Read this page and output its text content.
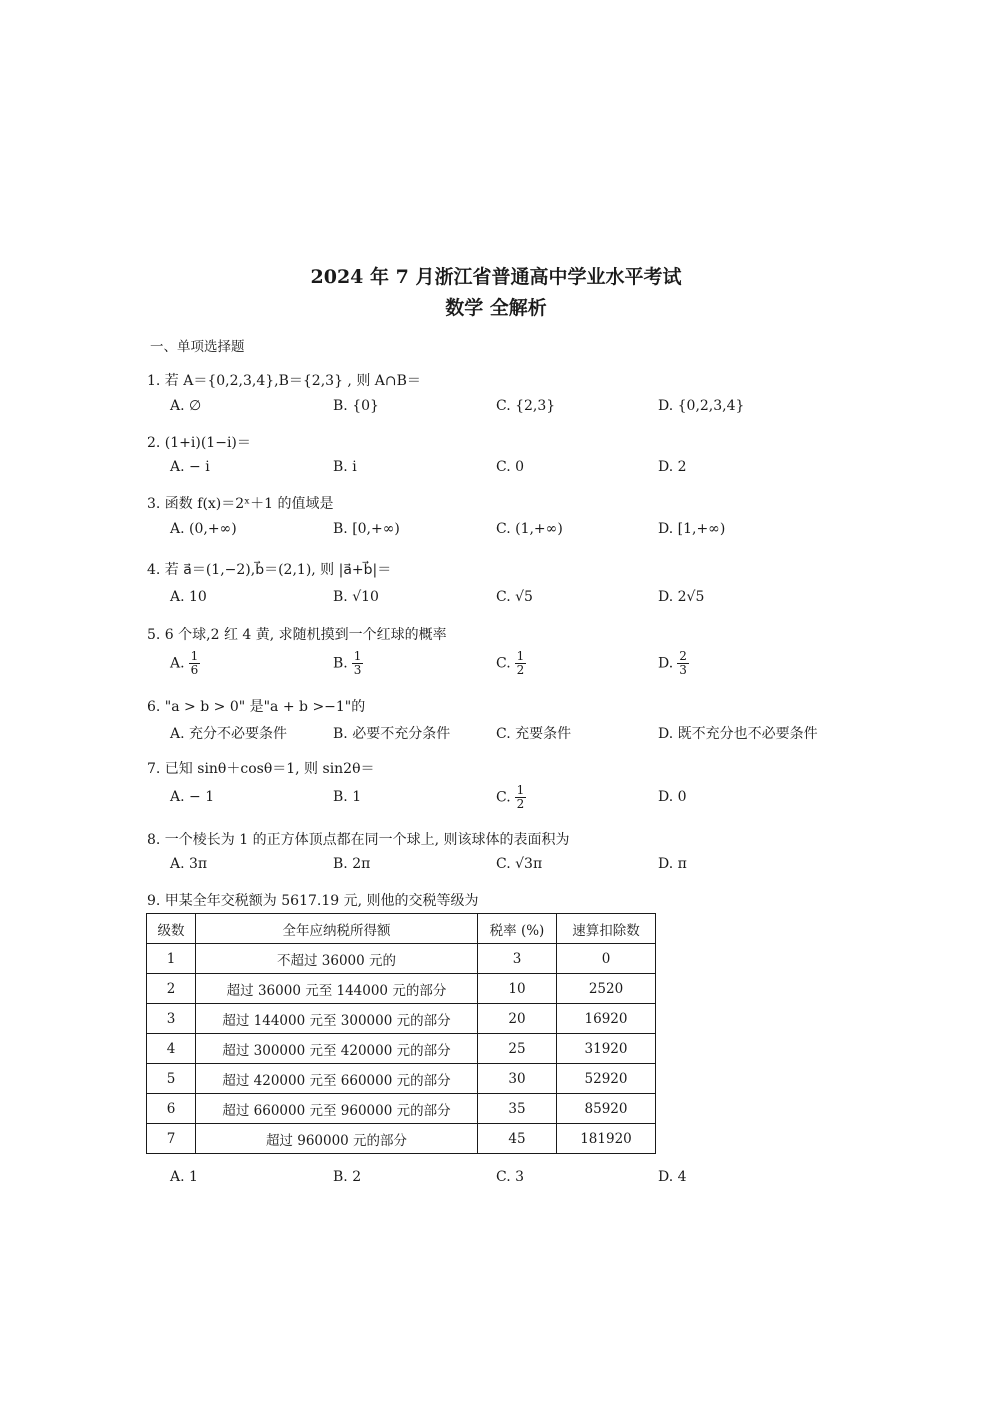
2024 年 7 月浙江省普通高中学业水平考试
数学 全解析
一、单项选择题
1. 若 A＝{0,2,3,4},B＝{2,3} , 则 A∩B＝
A. ∅	B. {0}	C. {2,3}	D. {0,2,3,4}
2. (1+i)(1−i)＝
A. − i	B. i	C. 0	D. 2
3. 函数 f(x)＝2ˣ＋1 的值域是
A. (0,+∞)	B. [0,+∞)	C. (1,+∞)	D. [1,+∞)
4. 若 a⃗＝(1,−2),b⃗＝(2,1), 则 |a⃗+b⃗|＝
A. 10	B. √10	C. √5	D. 2√5
5. 6 个球,2 红 4 黄, 求随机摸到一个红球的概率
A. $\frac{1}{6}$	B. $\frac{1}{3}$	C. $\frac{1}{2}$	D. $\frac{2}{3}$
6. "a > b > 0" 是"a + b >−1"的
A. 充分不必要条件	B. 必要不充分条件	C. 充要条件	D. 既不充分也不必要条件
7. 已知 sinθ＋cosθ＝1, 则 sin2θ＝
A. − 1	B. 1	C. $\frac{1}{2}$	D. 0
8. 一个棱长为 1 的正方体顶点都在同一个球上, 则该球体的表面积为
A. 3π	B. 2π	C. √3π	D. π
9. 甲某全年交税额为 5617.19 元, 则他的交税等级为
级数	全年应纳税所得额	税率 (%)	速算扣除数
1	不超过 36000 元的	3	0
2	超过 36000 元至 144000 元的部分	10	2520
3	超过 144000 元至 300000 元的部分	20	16920
4	超过 300000 元至 420000 元的部分	25	31920
5	超过 420000 元至 660000 元的部分	30	52920
6	超过 660000 元至 960000 元的部分	35	85920
7	超过 960000 元的部分	45	181920
A. 1	B. 2	C. 3	D. 4
